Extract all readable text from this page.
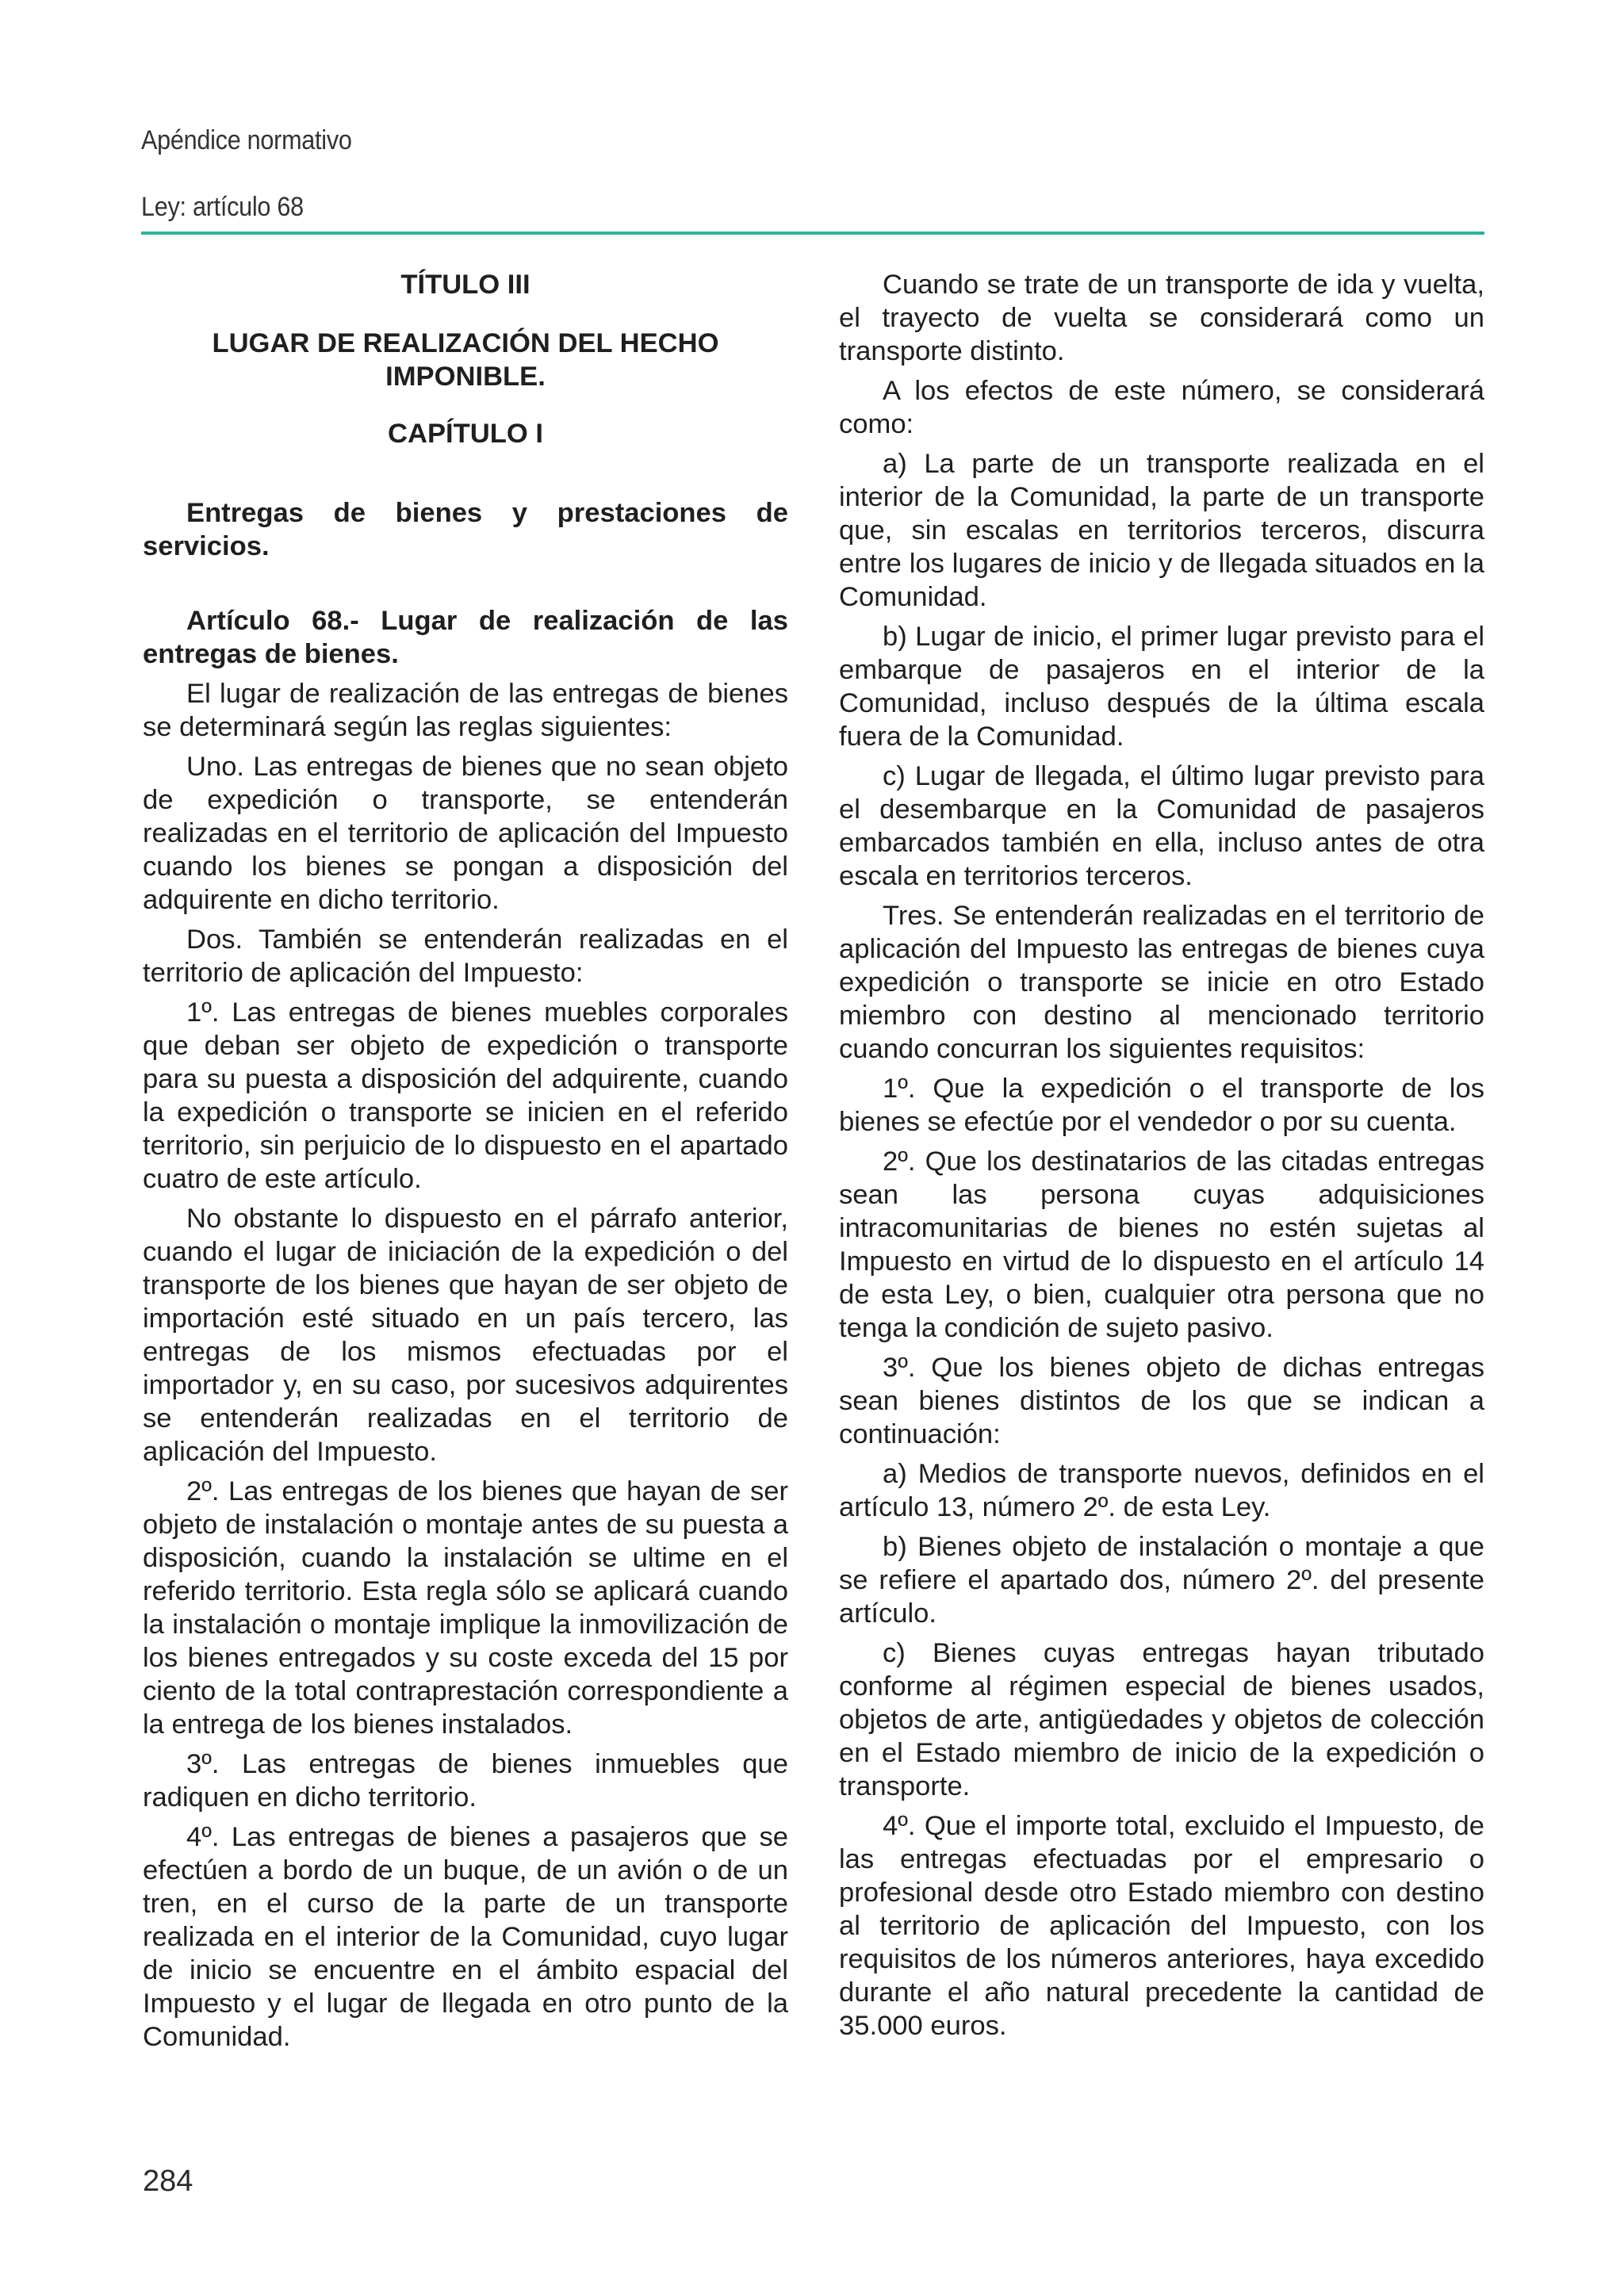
Apéndice normativo
Ley: artículo 68

TÍTULO III

LUGAR DE REALIZACIÓN DEL HECHO IMPONIBLE.

CAPÍTULO I

Entregas de bienes y prestaciones de servicios.

Artículo 68.- Lugar de realización de las entregas de bienes.

El lugar de realización de las entregas de bienes se determinará según las reglas siguientes:

Uno. Las entregas de bienes que no sean objeto de expedición o transporte, se entenderán realizadas en el territorio de aplicación del Impuesto cuando los bienes se pongan a disposición del adquirente en dicho territorio.

Dos. También se entenderán realizadas en el territorio de aplicación del Impuesto:

1º. Las entregas de bienes muebles corporales que deban ser objeto de expedición o transporte para su puesta a disposición del adquirente, cuando la expedición o transporte se inicien en el referido territorio, sin perjuicio de lo dispuesto en el apartado cuatro de este artículo.

No obstante lo dispuesto en el párrafo anterior, cuando el lugar de iniciación de la expedición o del transporte de los bienes que hayan de ser objeto de importación esté situado en un país tercero, las entregas de los mismos efectuadas por el importador y, en su caso, por sucesivos adquirentes se entenderán realizadas en el territorio de aplicación del Impuesto.

2º. Las entregas de los bienes que hayan de ser objeto de instalación o montaje antes de su puesta a disposición, cuando la instalación se ultime en el referido territorio. Esta regla sólo se aplicará cuando la instalación o montaje implique la inmovilización de los bienes entregados y su coste exceda del 15 por ciento de la total contraprestación correspondiente a la entrega de los bienes instalados.

3º. Las entregas de bienes inmuebles que radiquen en dicho territorio.

4º. Las entregas de bienes a pasajeros que se efectúen a bordo de un buque, de un avión o de un tren, en el curso de la parte de un transporte realizada en el interior de la Comunidad, cuyo lugar de inicio se encuentre en el ámbito espacial del Impuesto y el lugar de llegada en otro punto de la Comunidad.

Cuando se trate de un transporte de ida y vuelta, el trayecto de vuelta se considerará como un transporte distinto.

A los efectos de este número, se considerará como:

a) La parte de un transporte realizada en el interior de la Comunidad, la parte de un transporte que, sin escalas en territorios terceros, discurra entre los lugares de inicio y de llegada situados en la Comunidad.

b) Lugar de inicio, el primer lugar previsto para el embarque de pasajeros en el interior de la Comunidad, incluso después de la última escala fuera de la Comunidad.

c) Lugar de llegada, el último lugar previsto para el desembarque en la Comunidad de pasajeros embarcados también en ella, incluso antes de otra escala en territorios terceros.

Tres. Se entenderán realizadas en el territorio de aplicación del Impuesto las entregas de bienes cuya expedición o transporte se inicie en otro Estado miembro con destino al mencionado territorio cuando concurran los siguientes requisitos:

1º. Que la expedición o el transporte de los bienes se efectúe por el vendedor o por su cuenta.

2º. Que los destinatarios de las citadas entregas sean las persona cuyas adquisiciones intracomunitarias de bienes no estén sujetas al Impuesto en virtud de lo dispuesto en el artículo 14 de esta Ley, o bien, cualquier otra persona que no tenga la condición de sujeto pasivo.

3º. Que los bienes objeto de dichas entregas sean bienes distintos de los que se indican a continuación:

a) Medios de transporte nuevos, definidos en el artículo 13, número 2º. de esta Ley.

b) Bienes objeto de instalación o montaje a que se refiere el apartado dos, número 2º. del presente artículo.

c) Bienes cuyas entregas hayan tributado conforme al régimen especial de bienes usados, objetos de arte, antigüedades y objetos de colección en el Estado miembro de inicio de la expedición o transporte.

4º. Que el importe total, excluido el Impuesto, de las entregas efectuadas por el empresario o profesional desde otro Estado miembro con destino al territorio de aplicación del Impuesto, con los requisitos de los números anteriores, haya excedido durante el año natural precedente la cantidad de 35.000 euros.

284
